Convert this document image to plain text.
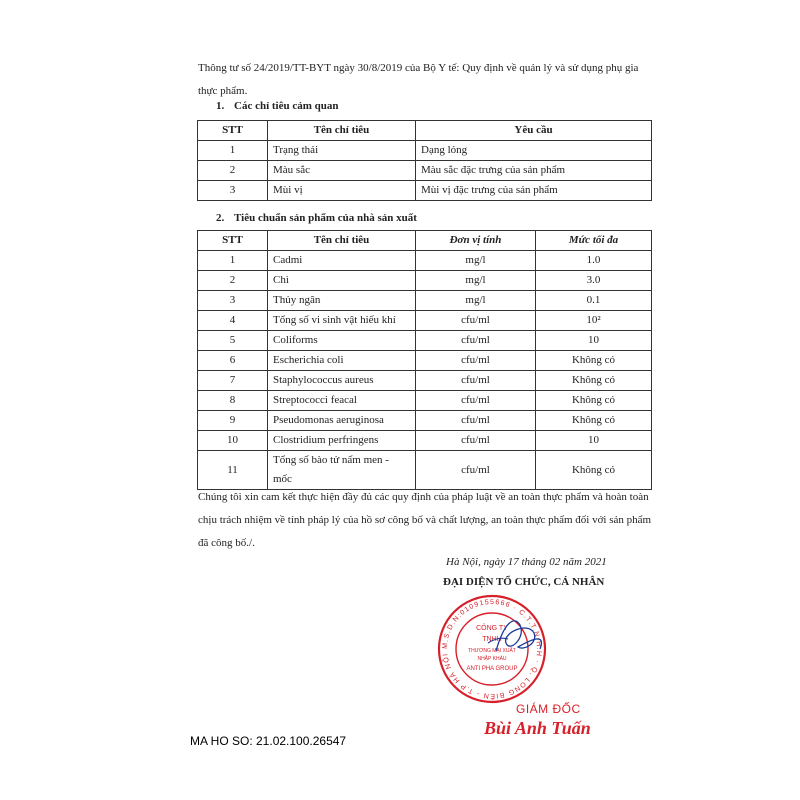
Thông tư số 24/2019/TT-BYT ngày 30/8/2019 của Bộ Y tế: Quy định về quản lý và sử dụng phụ gia thực phẩm.
1. Các chỉ tiêu cảm quan
STT	Tên chỉ tiêu	Yêu cầu
1	Trạng thái	Dạng lỏng
2	Màu sắc	Màu sắc đặc trưng của sản phẩm
3	Mùi vị	Mùi vị đặc trưng của sản phẩm
2. Tiêu chuẩn sản phẩm của nhà sản xuất
STT	Tên chỉ tiêu	Đơn vị tính	Mức tối đa
1	Cadmi	mg/l	1.0
2	Chì	mg/l	3.0
3	Thủy ngân	mg/l	0.1
4	Tổng số vi sinh vật hiếu khí	cfu/ml	10²
5	Coliforms	cfu/ml	10
6	Escherichia coli	cfu/ml	Không có
7	Staphylococcus aureus	cfu/ml	Không có
8	Streptococci feacal	cfu/ml	Không có
9	Pseudomonas aeruginosa	cfu/ml	Không có
10	Clostridium perfringens	cfu/ml	10
11	Tổng số bào tử nấm men - mốc	cfu/ml	Không có
Chúng tôi xin cam kết thực hiện đầy đủ các quy định của pháp luật về an toàn thực phẩm và hoàn toàn chịu trách nhiệm về tính pháp lý của hồ sơ công bố và chất lượng, an toàn thực phẩm đối với sản phẩm đã công bố./.
Hà Nội, ngày 17 tháng 02 năm 2021
ĐẠI DIỆN TỔ CHỨC, CÁ NHÂN
M.S.D.N:0109155666 · C.T.T.N.H.H · Q. LONG BIÊN - T.P HÀ NỘI
CÔNG TY
TNHH
THƯƠNG MẠI XUẤT
NHẬP KHẨU
ANTI PHA GROUP
GIÁM ĐỐC
Bùi Anh Tuấn
MA HO SO: 21.02.100.26547
